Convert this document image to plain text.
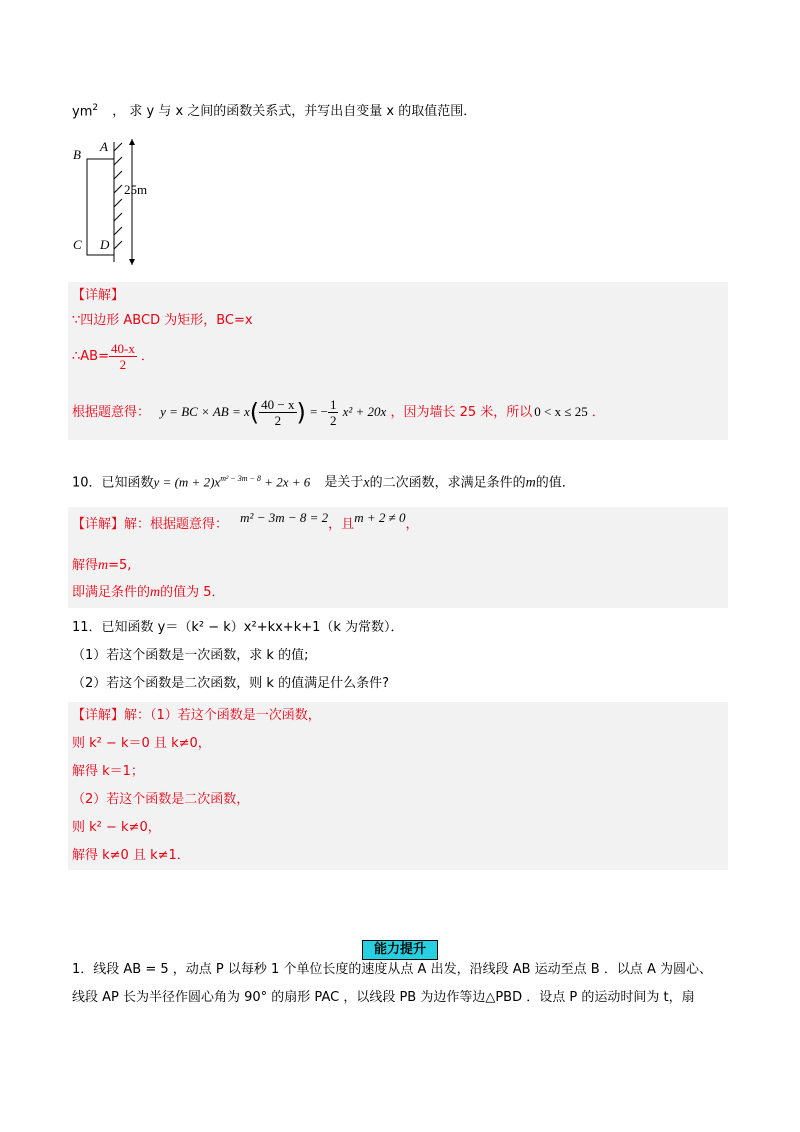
$ym^2$ ， 求 y 与 x 之间的函数关系式，并写出自变量 x 的取值范围．
B
A
C D
25m
【详解】
∵四边形 ABCD 为矩形，BC=x
∴AB= $\frac{40-x}{2}$ ．
根据题意得： y = BC × AB = $x( \frac{40 - x}{2}$ ) = − $\frac{1}{2} x^2 + 20x$ ，因为墙长 25 米，所以 0 < x ≤ 25 ．
10．已知函数$y = (m + 2)x^{m^2 - 3m - 8} + 2x + 6$ 是关于x的二次函数，求满足条件的m的值．
【详解】解：根据题意得： m² − 3m − 8 = 2，且m + 2 ≠ 0，
解得m=5,
即满足条件的m的值为 5．
11．已知函数 y＝（k² − k）x²+kx+k+1（k 为常数）．
（1）若这个函数是一次函数，求 k 的值;
（2）若这个函数是二次函数，则 k 的值满足什么条件?
【详解】解：（1）若这个函数是一次函数，
则 k² − k＝0 且 k≠0，
解得 k＝1；
（2）若这个函数是二次函数，
则 k² − k≠0，
解得 k≠0 且 k≠1．
能力提升
1．线段 AB = 5 ，动点 P 以每秒 1 个单位长度的速度从点 A 出发，沿线段 AB 运动至点 B ．以点 A 为圆心、
线段 AP 长为半径作圆心角为 90° 的扇形 PAC ，以线段 PB 为边作等边△PBD ．设点 P 的运动时间为 t，扇
